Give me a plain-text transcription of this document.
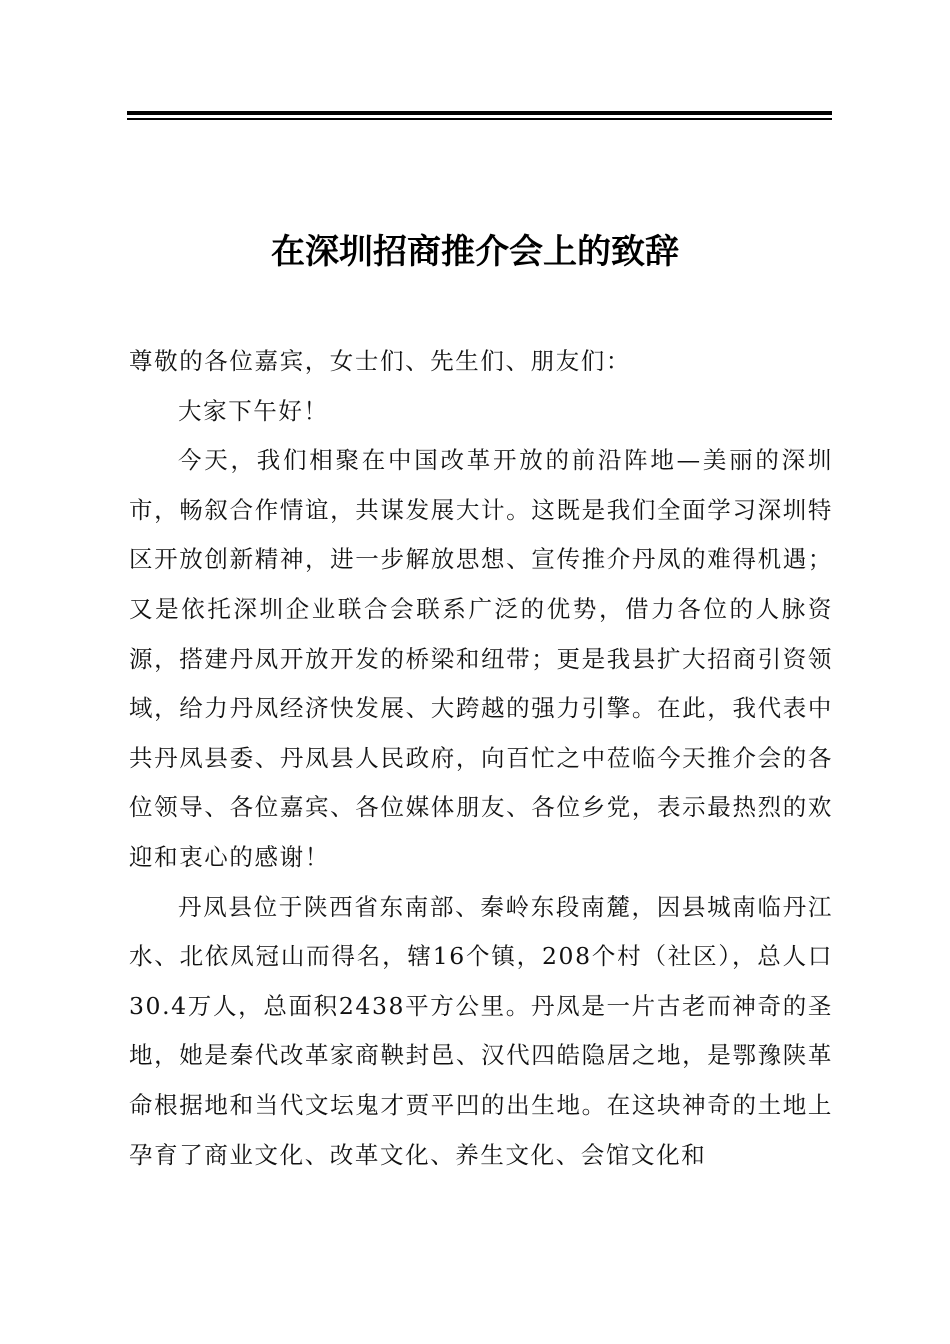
在深圳招商推介会上的致辞

尊敬的各位嘉宾，女士们、先生们、朋友们：

大家下午好！

今天，我们相聚在中国改革开放的前沿阵地—美丽的深圳市，畅叙合作情谊，共谋发展大计。这既是我们全面学习深圳特区开放创新精神，进一步解放思想、宣传推介丹凤的难得机遇；又是依托深圳企业联合会联系广泛的优势，借力各位的人脉资源，搭建丹凤开放开发的桥梁和纽带；更是我县扩大招商引资领域，给力丹凤经济快发展、大跨越的强力引擎。在此，我代表中共丹凤县委、丹凤县人民政府，向百忙之中莅临今天推介会的各位领导、各位嘉宾、各位媒体朋友、各位乡党，表示最热烈的欢迎和衷心的感谢！

丹凤县位于陕西省东南部、秦岭东段南麓，因县城南临丹江水、北依凤冠山而得名，辖16个镇，208个村（社区），总人口30.4万人，总面积2438平方公里。丹凤是一片古老而神奇的圣地，她是秦代改革家商鞅封邑、汉代四皓隐居之地，是鄂豫陕革命根据地和当代文坛鬼才贾平凹的出生地。在这块神奇的土地上孕育了商业文化、改革文化、养生文化、会馆文化和
